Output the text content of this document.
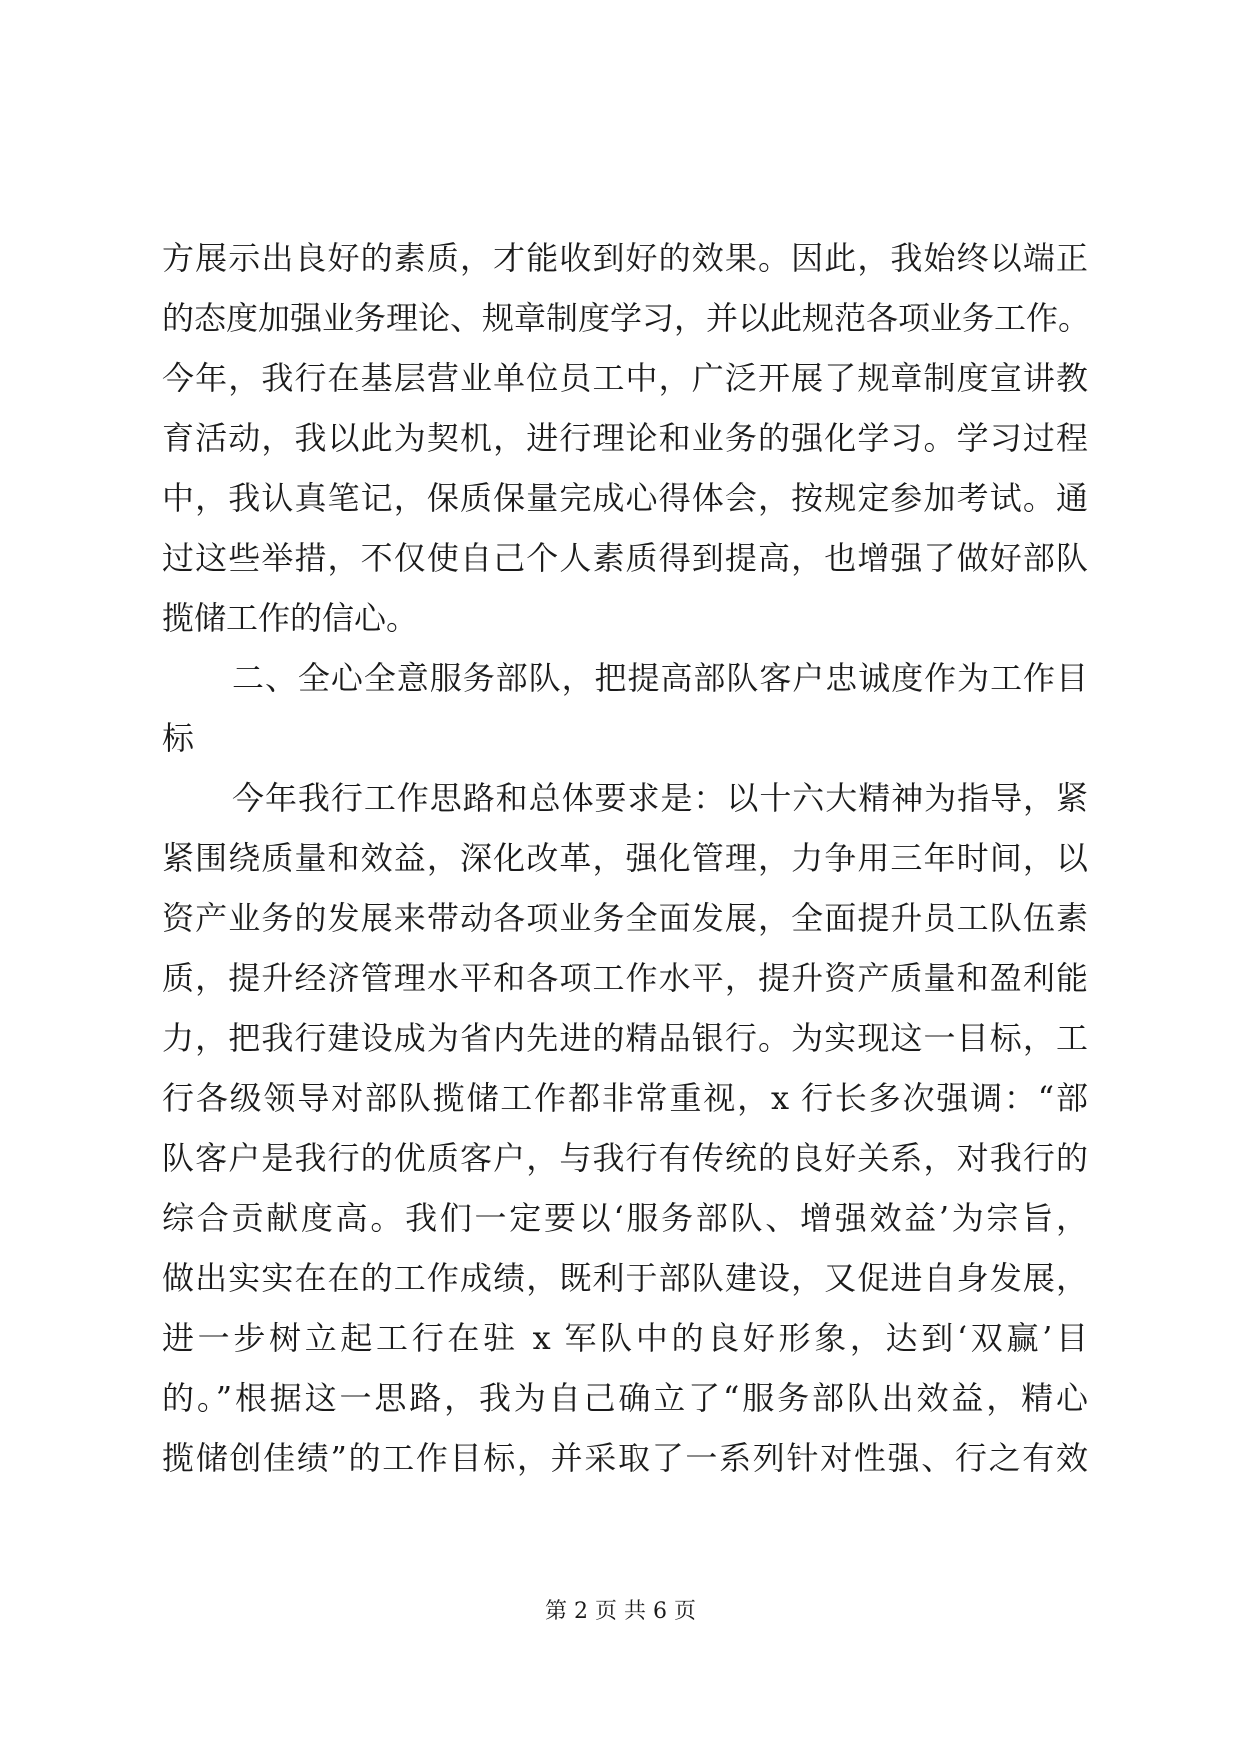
方展示出良好的素质，才能收到好的效果。因此，我始终以端正
的态度加强业务理论、规章制度学习，并以此规范各项业务工作。
今年，我行在基层营业单位员工中，广泛开展了规章制度宣讲教
育活动，我以此为契机，进行理论和业务的强化学习。学习过程
中，我认真笔记，保质保量完成心得体会，按规定参加考试。通
过这些举措，不仅使自己个人素质得到提高，也增强了做好部队
揽储工作的信心。
二、全心全意服务部队，把提高部队客户忠诚度作为工作目
标
今年我行工作思路和总体要求是：以十六大精神为指导，紧
紧围绕质量和效益，深化改革，强化管理，力争用三年时间，以
资产业务的发展来带动各项业务全面发展，全面提升员工队伍素
质，提升经济管理水平和各项工作水平，提升资产质量和盈利能
力，把我行建设成为省内先进的精品银行。为实现这一目标，工
行各级领导对部队揽储工作都非常重视，x 行长多次强调：“部
队客户是我行的优质客户，与我行有传统的良好关系，对我行的
综合贡献度高。我们一定要以‘服务部队、增强效益’为宗旨，
做出实实在在的工作成绩，既利于部队建设，又促进自身发展，
进一步树立起工行在驻 x 军队中的良好形象，达到‘双赢’目
的。”根据这一思路，我为自己确立了“服务部队出效益，精心
揽储创佳绩”的工作目标，并采取了一系列针对性强、行之有效
第 2 页 共 6 页
